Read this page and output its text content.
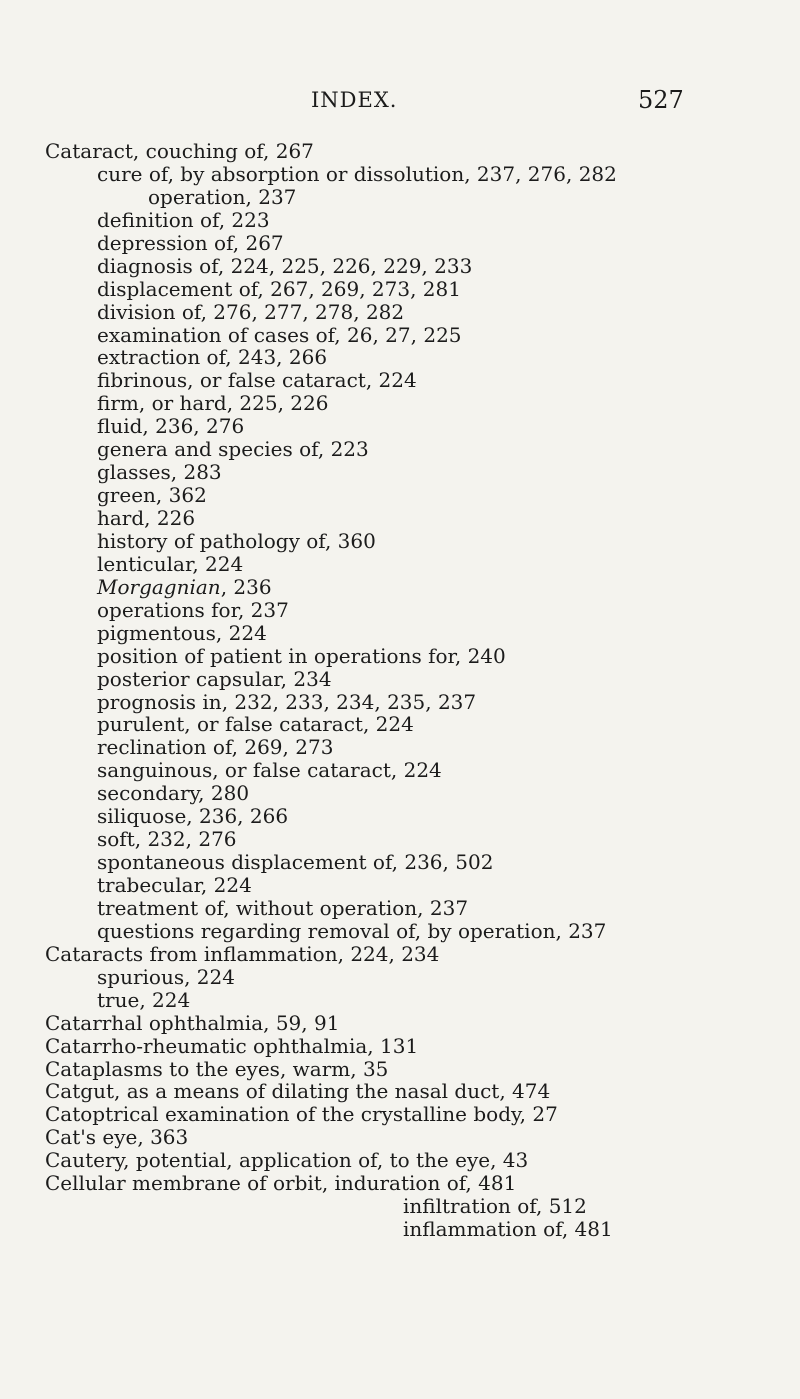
INDEX.	527
Cataract, couching of, 267
cure of, by absorption or dissolution, 237, 276, 282
operation, 237
definition of, 223
depression of, 267
diagnosis of, 224, 225, 226, 229, 233
displacement of, 267, 269, 273, 281
division of, 276, 277, 278, 282
examination of cases of, 26, 27, 225
extraction of, 243, 266
fibrinous, or false cataract, 224
firm, or hard, 225, 226
fluid, 236, 276
genera and species of, 223
glasses, 283
green, 362
hard, 226
history of pathology of, 360
lenticular, 224
Morgagnian, 236
operations for, 237
pigmentous, 224
position of patient in operations for, 240
posterior capsular, 234
prognosis in, 232, 233, 234, 235, 237
purulent, or false cataract, 224
reclination of, 269, 273
sanguinous, or false cataract, 224
secondary, 280
siliquose, 236, 266
soft, 232, 276
spontaneous displacement of, 236, 502
trabecular, 224
treatment of, without operation, 237
questions regarding removal of, by operation, 237
Cataracts from inflammation, 224, 234
spurious, 224
true, 224
Catarrhal ophthalmia, 59, 91
Catarrho-rheumatic ophthalmia, 131
Cataplasms to the eyes, warm, 35
Catgut, as a means of dilating the nasal duct, 474
Catoptrical examination of the crystalline body, 27
Cat's eye, 363
Cautery, potential, application of, to the eye, 43
Cellular membrane of orbit, induration of, 481
infiltration of, 512
inflammation of, 481
